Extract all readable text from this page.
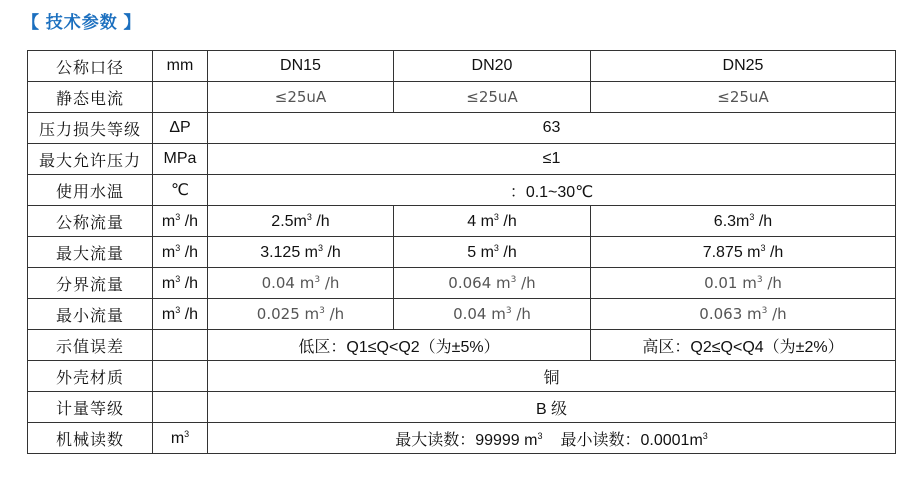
【 技术参数 】
公称口径	mm	DN15	DN20	DN25
静态电流		≤25uA	≤25uA	≤25uA
压力损失等级	ΔP	63		
最大允许压力	MPa	≤1		
使用水温	℃	：0.1~30℃		
公称流量	$m^3$ /h	$2.5m^3$ /h	4 $m^3$ /h	$6.3m^3$ /h
最大流量	$m^3$ /h	3.125 $m^3$ /h	5 $m^3$ /h	7.875 $m^3$ /h
分界流量	$m^3$ /h	0.04 $m^3$ /h	0.064 $m^3$ /h	0.01 $m^3$ /h
最小流量	$m^3$ /h	0.025 $m^3$ /h	0.04 $m^3$ /h	0.063 $m^3$ /h
示值误差		低区：Q1≤Q<Q2（为±5%）		高区：Q2≤Q<Q4（为±2%）
外壳材质		铜		
计量等级		B 级		
机械读数	$m^3$	最大读数：99999 $m^3$ 最小读数：$0.0001m^3$
